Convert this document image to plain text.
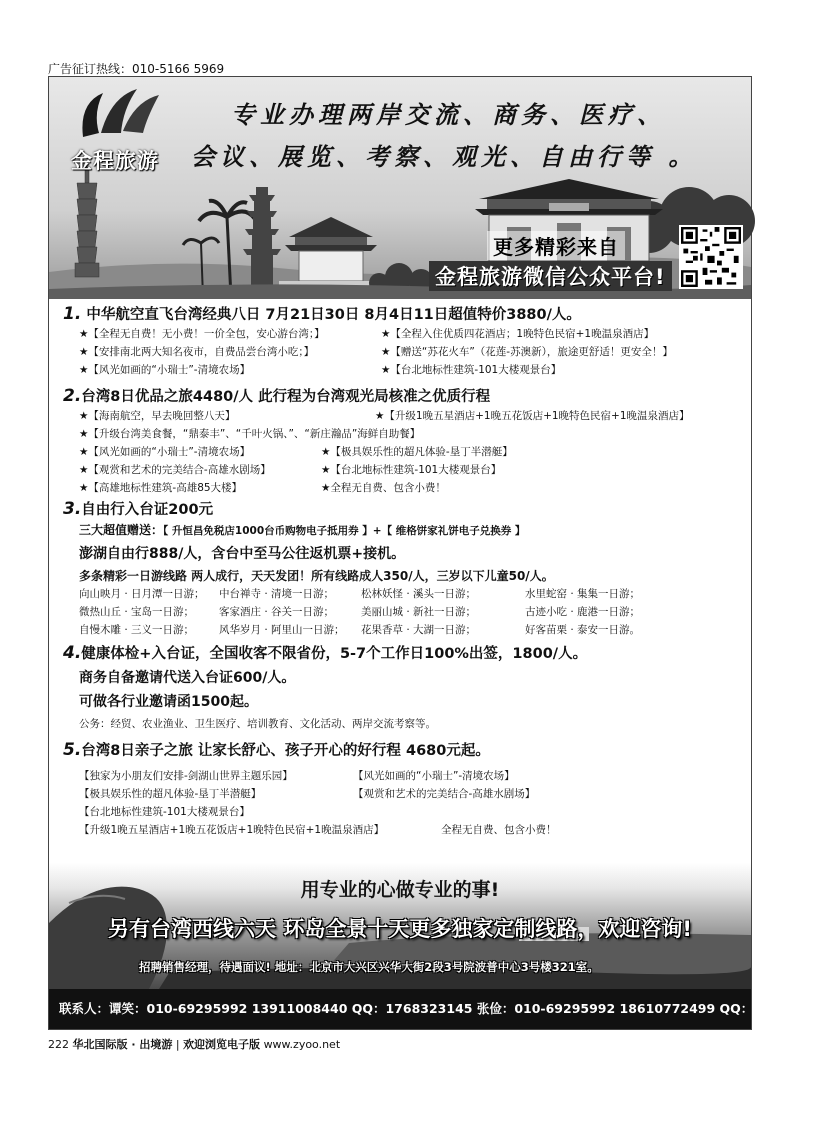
广告征订热线：010-5166 5969
金程旅游
专业办理两岸交流、商务、医疗、
会议、展览、考察、观光、自由行等 。
更多精彩来自
金程旅游微信公众平台!
1. 中华航空直飞台湾经典八日 7月21日30日 8月4日11日超值特价3880/人。
★【全程无自费！无小费！一价全包，安心游台湾；】	★【全程入住优质四花酒店；1晚特色民宿+1晚温泉酒店】
★【安排南北两大知名夜市，自费品尝台湾小吃；】	★【赠送“苏花火车”（花莲-苏澳新），旅途更舒适！更安全！】
★【风光如画的“小瑞士”-清境农场】	★【台北地标性建筑-101大楼观景台】
2.台湾8日优品之旅4480/人 此行程为台湾观光局核准之优质行程
★【海南航空，早去晚回整八天】	★【升级1晚五星酒店+1晚五花饭店+1晚特色民宿+1晚温泉酒店】
★【升级台湾美食餐，“鼎泰丰”、“千叶火锅、”、“新庄瀚品”海鲜自助餐】
★【风光如画的“小瑞士”-清境农场】	★【极具娱乐性的超凡体验-垦丁半潜艇】
★【观赏和艺术的完美结合-高雄水剧场】	★【台北地标性建筑-101大楼观景台】
★【高雄地标性建筑-高雄85大楼】	★全程无自费、包含小费！
3.自由行入台证200元
三大超值赠送：【 升恒昌免税店1000台币购物电子抵用券 】+【 维格饼家礼饼电子兑换券 】
澎湖自由行888/人，含台中至马公往返机票+接机。
多条精彩一日游线路 两人成行，天天发团！所有线路成人350/人，三岁以下儿童50/人。
向山映月 · 日月潭一日游； 中台禅寺 · 清境一日游；	松林妖怪 · 溪头一日游；	水里蛇窑 · 集集一日游；
微热山丘 · 宝岛一日游； 客家酒庄 · 谷关一日游；	美丽山城 · 新社一日游；	古迹小吃 · 鹿港一日游；
自慢木雕 · 三义一日游； 风华岁月 · 阿里山一日游； 花果香草 · 大湖一日游；	好客苗栗 · 泰安一日游。
4.健康体检+入台证，全国收客不限省份，5-7个工作日100%出签，1800/人。
商务自备邀请代送入台证600/人。
可做各行业邀请函1500起。
公务：经贸、农业渔业、卫生医疗、培训教育、文化活动、两岸交流考察等。
5.台湾8日亲子之旅 让家长舒心、孩子开心的好行程 4680元起。
【独家为小朋友们安排-剑湖山世界主题乐园】	【风光如画的“小瑞士”-清境农场】
【极具娱乐性的超凡体验-垦丁半潜艇】	【观赏和艺术的完美结合-高雄水剧场】
【台北地标性建筑-101大楼观景台】
【升级1晚五星酒店+1晚五花饭店+1晚特色民宿+1晚温泉酒店】	全程无自费、包含小费！
用专业的心做专业的事!
另有台湾西线六天 环岛全景十天更多独家定制线路，欢迎咨询!
招聘销售经理，待遇面议! 地址：北京市大兴区兴华大街2段3号院波普中心3号楼321室。
联系人：谭笑：010-69295992 13911008440 QQ：1768323145 张俭：010-69295992 18610772499 QQ：2485528798
222 华北国际版 · 出境游 | 欢迎浏览电子版 www.zyoo.net
